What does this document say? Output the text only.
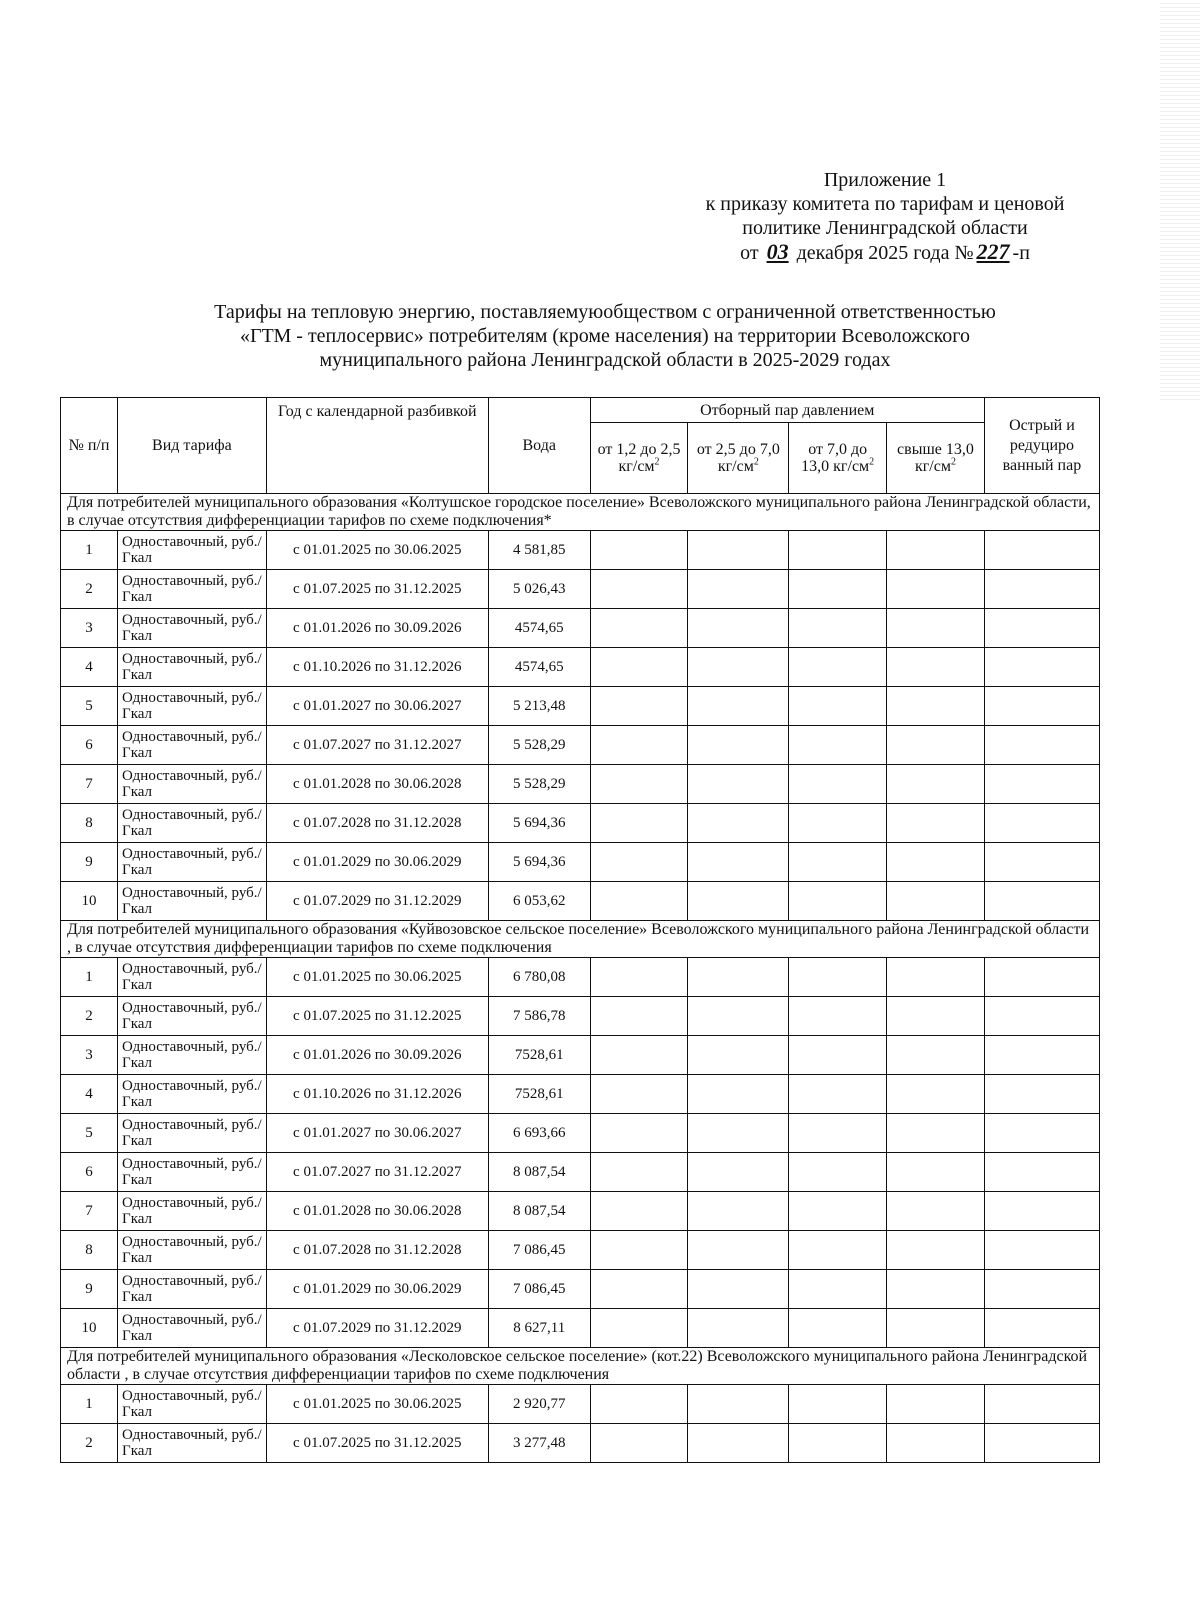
Приложение 1
к приказу комитета по тарифам и ценовой
политике Ленинградской области
от 03 декабря 2025 года № 227 -п
Тарифы на тепловую энергию, поставляемуюобществом с ограниченной ответственностью
«ГТМ - теплосервис» потребителям (кроме населения) на территории Всеволожского
муниципального района Ленинградской области в 2025-2029 годах
№ п/п	Вид тарифа	Год с календарной разбивкой	Вода	Отборный пар давлением				Острый и редуциро ванный пар
				от 1,2 до 2,5 $кг/см^2$	от 2,5 до 7,0 $кг/см^2$	от 7,0 до 13,0 $кг/см^2$	свыше 13,0 $кг/см^2$
Для потребителей муниципального образования «Колтушское городское поселение» Всеволожского муниципального района Ленинградской области, в случае отсутствия дифференциации тарифов по схеме подключения*								
1	Одноставочный, руб./Гкал	с 01.01.2025 по 30.06.2025	4 581,85					
2	Одноставочный, руб./Гкал	с 01.07.2025 по 31.12.2025	5 026,43					
3	Одноставочный, руб./Гкал	с 01.01.2026 по 30.09.2026	4574,65					
4	Одноставочный, руб./Гкал	с 01.10.2026 по 31.12.2026	4574,65					
5	Одноставочный, руб./Гкал	с 01.01.2027 по 30.06.2027	5 213,48					
6	Одноставочный, руб./Гкал	с 01.07.2027 по 31.12.2027	5 528,29					
7	Одноставочный, руб./Гкал	с 01.01.2028 по 30.06.2028	5 528,29					
8	Одноставочный, руб./Гкал	с 01.07.2028 по 31.12.2028	5 694,36					
9	Одноставочный, руб./Гкал	с 01.01.2029 по 30.06.2029	5 694,36					
10	Одноставочный, руб./Гкал	с 01.07.2029 по 31.12.2029	6 053,62					
Для потребителей муниципального образования «Куйвозовское сельское поселение» Всеволожского муниципального района Ленинградской области , в случае отсутствия дифференциации тарифов по схеме подключения								
1	Одноставочный, руб./Гкал	с 01.01.2025 по 30.06.2025	6 780,08					
2	Одноставочный, руб./Гкал	с 01.07.2025 по 31.12.2025	7 586,78					
3	Одноставочный, руб./Гкал	с 01.01.2026 по 30.09.2026	7528,61					
4	Одноставочный, руб./Гкал	с 01.10.2026 по 31.12.2026	7528,61					
5	Одноставочный, руб./Гкал	с 01.01.2027 по 30.06.2027	6 693,66					
6	Одноставочный, руб./Гкал	с 01.07.2027 по 31.12.2027	8 087,54					
7	Одноставочный, руб./Гкал	с 01.01.2028 по 30.06.2028	8 087,54					
8	Одноставочный, руб./Гкал	с 01.07.2028 по 31.12.2028	7 086,45					
9	Одноставочный, руб./Гкал	с 01.01.2029 по 30.06.2029	7 086,45					
10	Одноставочный, руб./Гкал	с 01.07.2029 по 31.12.2029	8 627,11					
Для потребителей муниципального образования «Лесколовское сельское поселение» (кот.22) Всеволожского муниципального района Ленинградской области , в случае отсутствия дифференциации тарифов по схеме подключения								
1	Одноставочный, руб./Гкал	с 01.01.2025 по 30.06.2025	2 920,77					
2	Одноставочный, руб./Гкал	с 01.07.2025 по 31.12.2025	3 277,48					
